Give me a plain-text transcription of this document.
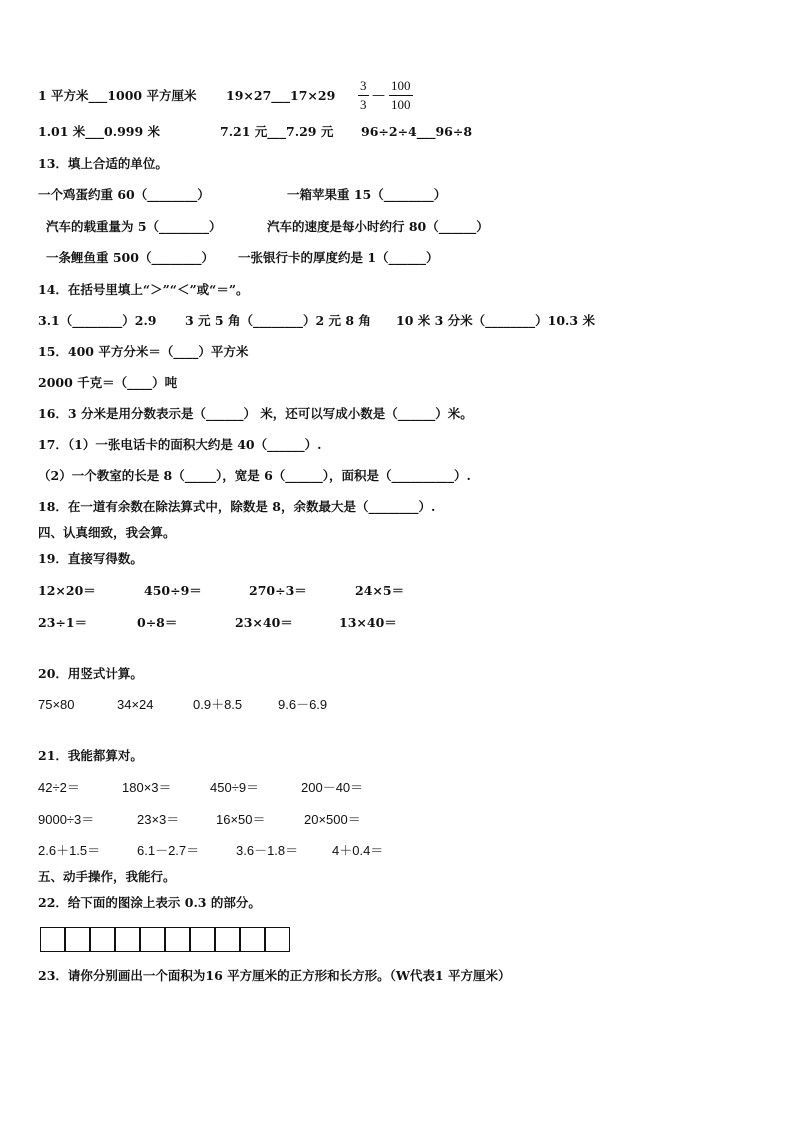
1 平方米___1000 平方厘米 19×27___17×29
3
3
—
100
100
1.01 米___0.999 米	7.21 元___7.29 元 96÷2÷4___96÷8
13．填上合适的单位。
一个鸡蛋约重 60（________）	一箱苹果重 15（________）
汽车的载重量为 5（________）	汽车的速度是每小时约行 80（______）
一条鲤鱼重 500（________） 一张银行卡的厚度约是 1（______）
14．在括号里填上“＞”“＜”或“＝”。
3.1（________）2.9 3 元 5 角（________）2 元 8 角 10 米 3 分米（________）10.3 米
15．400 平方分米＝（____）平方米
2000 千克＝（____）吨
16．3 分米是用分数表示是（______） 米，还可以写成小数是（______）米。
17．（1）一张电话卡的面积大约是 40（______）.
（2）一个教室的长是 8（_____），宽是 6（______），面积是（__________）.
18．在一道有余数在除法算式中，除数是 8，余数最大是（________）.
四、认真细致，我会算。
19．直接写得数。
12×20＝	450÷9＝	270÷3＝	24×5＝
23÷1＝	0÷8＝	23×40＝	13×40＝
20．用竖式计算。
75×80	34×24	0.9＋8.5	9.6－6.9
21．我能都算对。
42÷2＝	180×3＝	450÷9＝	200－40＝
9000÷3＝	23×3＝	16×50＝	20×500＝
2.6＋1.5＝	6.1－2.7＝	3.6－1.8＝	4＋0.4＝
五、动手操作，我能行。
22．给下面的图涂上表示 0.3 的部分。
23．请你分别画出一个面积为16 平方厘米的正方形和长方形。（W代表1 平方厘米）
